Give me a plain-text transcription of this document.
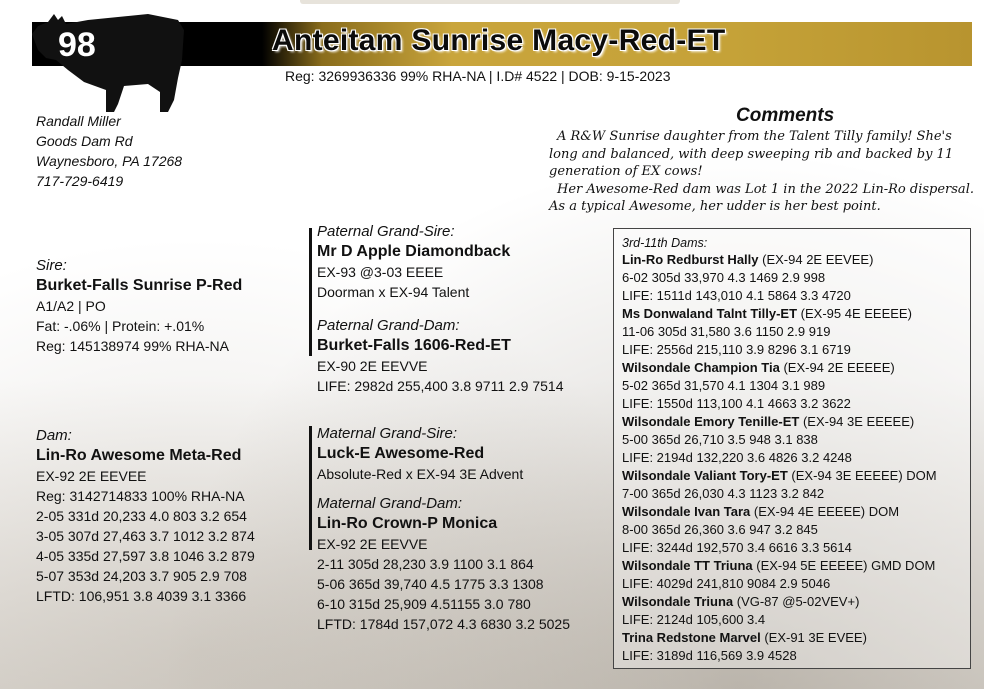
98	Anteitam Sunrise Macy-Red-ET
Reg: 3269936336 99% RHA-NA | I.D# 4522 | DOB: 9-15-2023
Randall Miller
Goods Dam Rd
Waynesboro, PA 17268
717-729-6419
Comments

A R&W Sunrise daughter from the Talent Tilly family! She's long and balanced, with deep sweeping rib and backed by 11 generation of EX cows!

Her Awesome-Red dam was Lot 1 in the 2022 Lin-Ro dispersal. As a typical Awesome, her udder is her best point.

Sire:
Burket-Falls Sunrise P-Red
A1/A2 | PO
Fat: -.06% | Protein: +.01%
Reg: 145138974 99% RHA-NA
Paternal Grand-Sire:
Mr D Apple Diamondback
EX-93 @3-03 EEEE
Doorman x EX-94 Talent
Paternal Grand-Dam:
Burket-Falls 1606-Red-ET
EX-90 2E EEVVE
LIFE: 2982d 255,400 3.8 9711 2.9 7514
Dam:
Lin-Ro Awesome Meta-Red
EX-92 2E EEVEE
Reg: 3142714833 100% RHA-NA
2-05 331d 20,233 4.0 803 3.2 654
3-05 307d 27,463 3.7 1012 3.2 874
4-05 335d 27,597 3.8 1046 3.2 879
5-07 353d 24,203 3.7 905 2.9 708
LFTD: 106,951 3.8 4039 3.1 3366
Maternal Grand-Sire:
Luck-E Awesome-Red
Absolute-Red x EX-94 3E Advent
Maternal Grand-Dam:
Lin-Ro Crown-P Monica
EX-92 2E EEVVE
2-11 305d 28,230 3.9 1100 3.1 864
5-06 365d 39,740 4.5 1775 3.3 1308
6-10 315d 25,909 4.51155 3.0 780
LFTD: 1784d 157,072 4.3 6830 3.2 5025
3rd-11th Dams:
Lin-Ro Redburst Hally (EX-94 2E EEVEE)
6-02 305d 33,970 4.3 1469 2.9 998
LIFE: 1511d 143,010 4.1 5864 3.3 4720
Ms Donwaland Talnt Tilly-ET (EX-95 4E EEEEE)
11-06 305d 31,580 3.6 1150 2.9 919
LIFE: 2556d 215,110 3.9 8296 3.1 6719
Wilsondale Champion Tia (EX-94 2E EEEEE)
5-02 365d 31,570 4.1 1304 3.1 989
LIFE: 1550d 113,100 4.1 4663 3.2 3622
Wilsondale Emory Tenille-ET (EX-94 3E EEEEE)
5-00 365d 26,710 3.5 948 3.1 838
LIFE: 2194d 132,220 3.6 4826 3.2 4248
Wilsondale Valiant Tory-ET (EX-94 3E EEEEE) DOM
7-00 365d 26,030 4.3 1123 3.2 842
Wilsondale Ivan Tara (EX-94 4E EEEEE) DOM
8-00 365d 26,360 3.6 947 3.2 845
LIFE: 3244d 192,570 3.4 6616 3.3 5614
Wilsondale TT Triuna (EX-94 5E EEEEE) GMD DOM
LIFE: 4029d 241,810 9084 2.9 5046
Wilsondale Triuna (VG-87 @5-02VEV+)
LIFE: 2124d 105,600 3.4
Trina Redstone Marvel (EX-91 3E EVEE)
LIFE: 3189d 116,569 3.9 4528
